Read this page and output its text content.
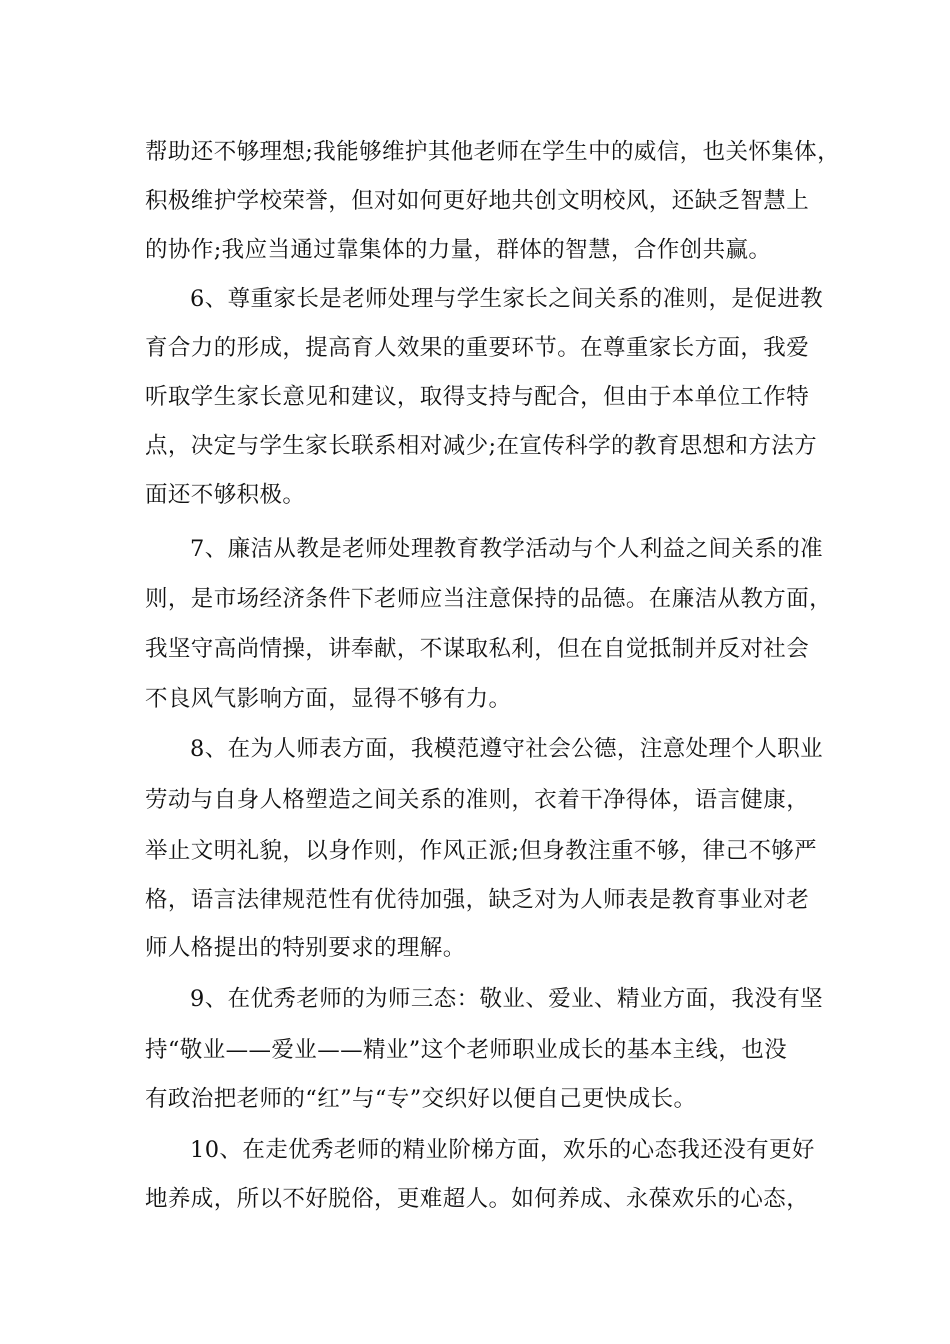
帮助还不够理想;我能够维护其他老师在学生中的威信，也关怀集体，
积极维护学校荣誉，但对如何更好地共创文明校风，还缺乏智慧上
的协作;我应当通过靠集体的力量，群体的智慧，合作创共赢。
6、尊重家长是老师处理与学生家长之间关系的准则，是促进教
育合力的形成，提高育人效果的重要环节。在尊重家长方面，我爱
听取学生家长意见和建议，取得支持与配合，但由于本单位工作特
点，决定与学生家长联系相对减少;在宣传科学的教育思想和方法方
面还不够积极。
7、廉洁从教是老师处理教育教学活动与个人利益之间关系的准
则，是市场经济条件下老师应当注意保持的品德。在廉洁从教方面，
我坚守高尚情操，讲奉献，不谋取私利，但在自觉抵制并反对社会
不良风气影响方面，显得不够有力。
8、在为人师表方面，我模范遵守社会公德，注意处理个人职业
劳动与自身人格塑造之间关系的准则，衣着干净得体，语言健康，
举止文明礼貌，以身作则，作风正派;但身教注重不够，律己不够严
格，语言法律规范性有优待加强，缺乏对为人师表是教育事业对老
师人格提出的特别要求的理解。
9、在优秀老师的为师三态：敬业、爱业、精业方面，我没有坚
持“敬业——爱业——精业”这个老师职业成长的基本主线，也没
有政治把老师的“红”与“专”交织好以便自己更快成长。
10、在走优秀老师的精业阶梯方面，欢乐的心态我还没有更好
地养成，所以不好脱俗，更难超人。如何养成、永葆欢乐的心态，
